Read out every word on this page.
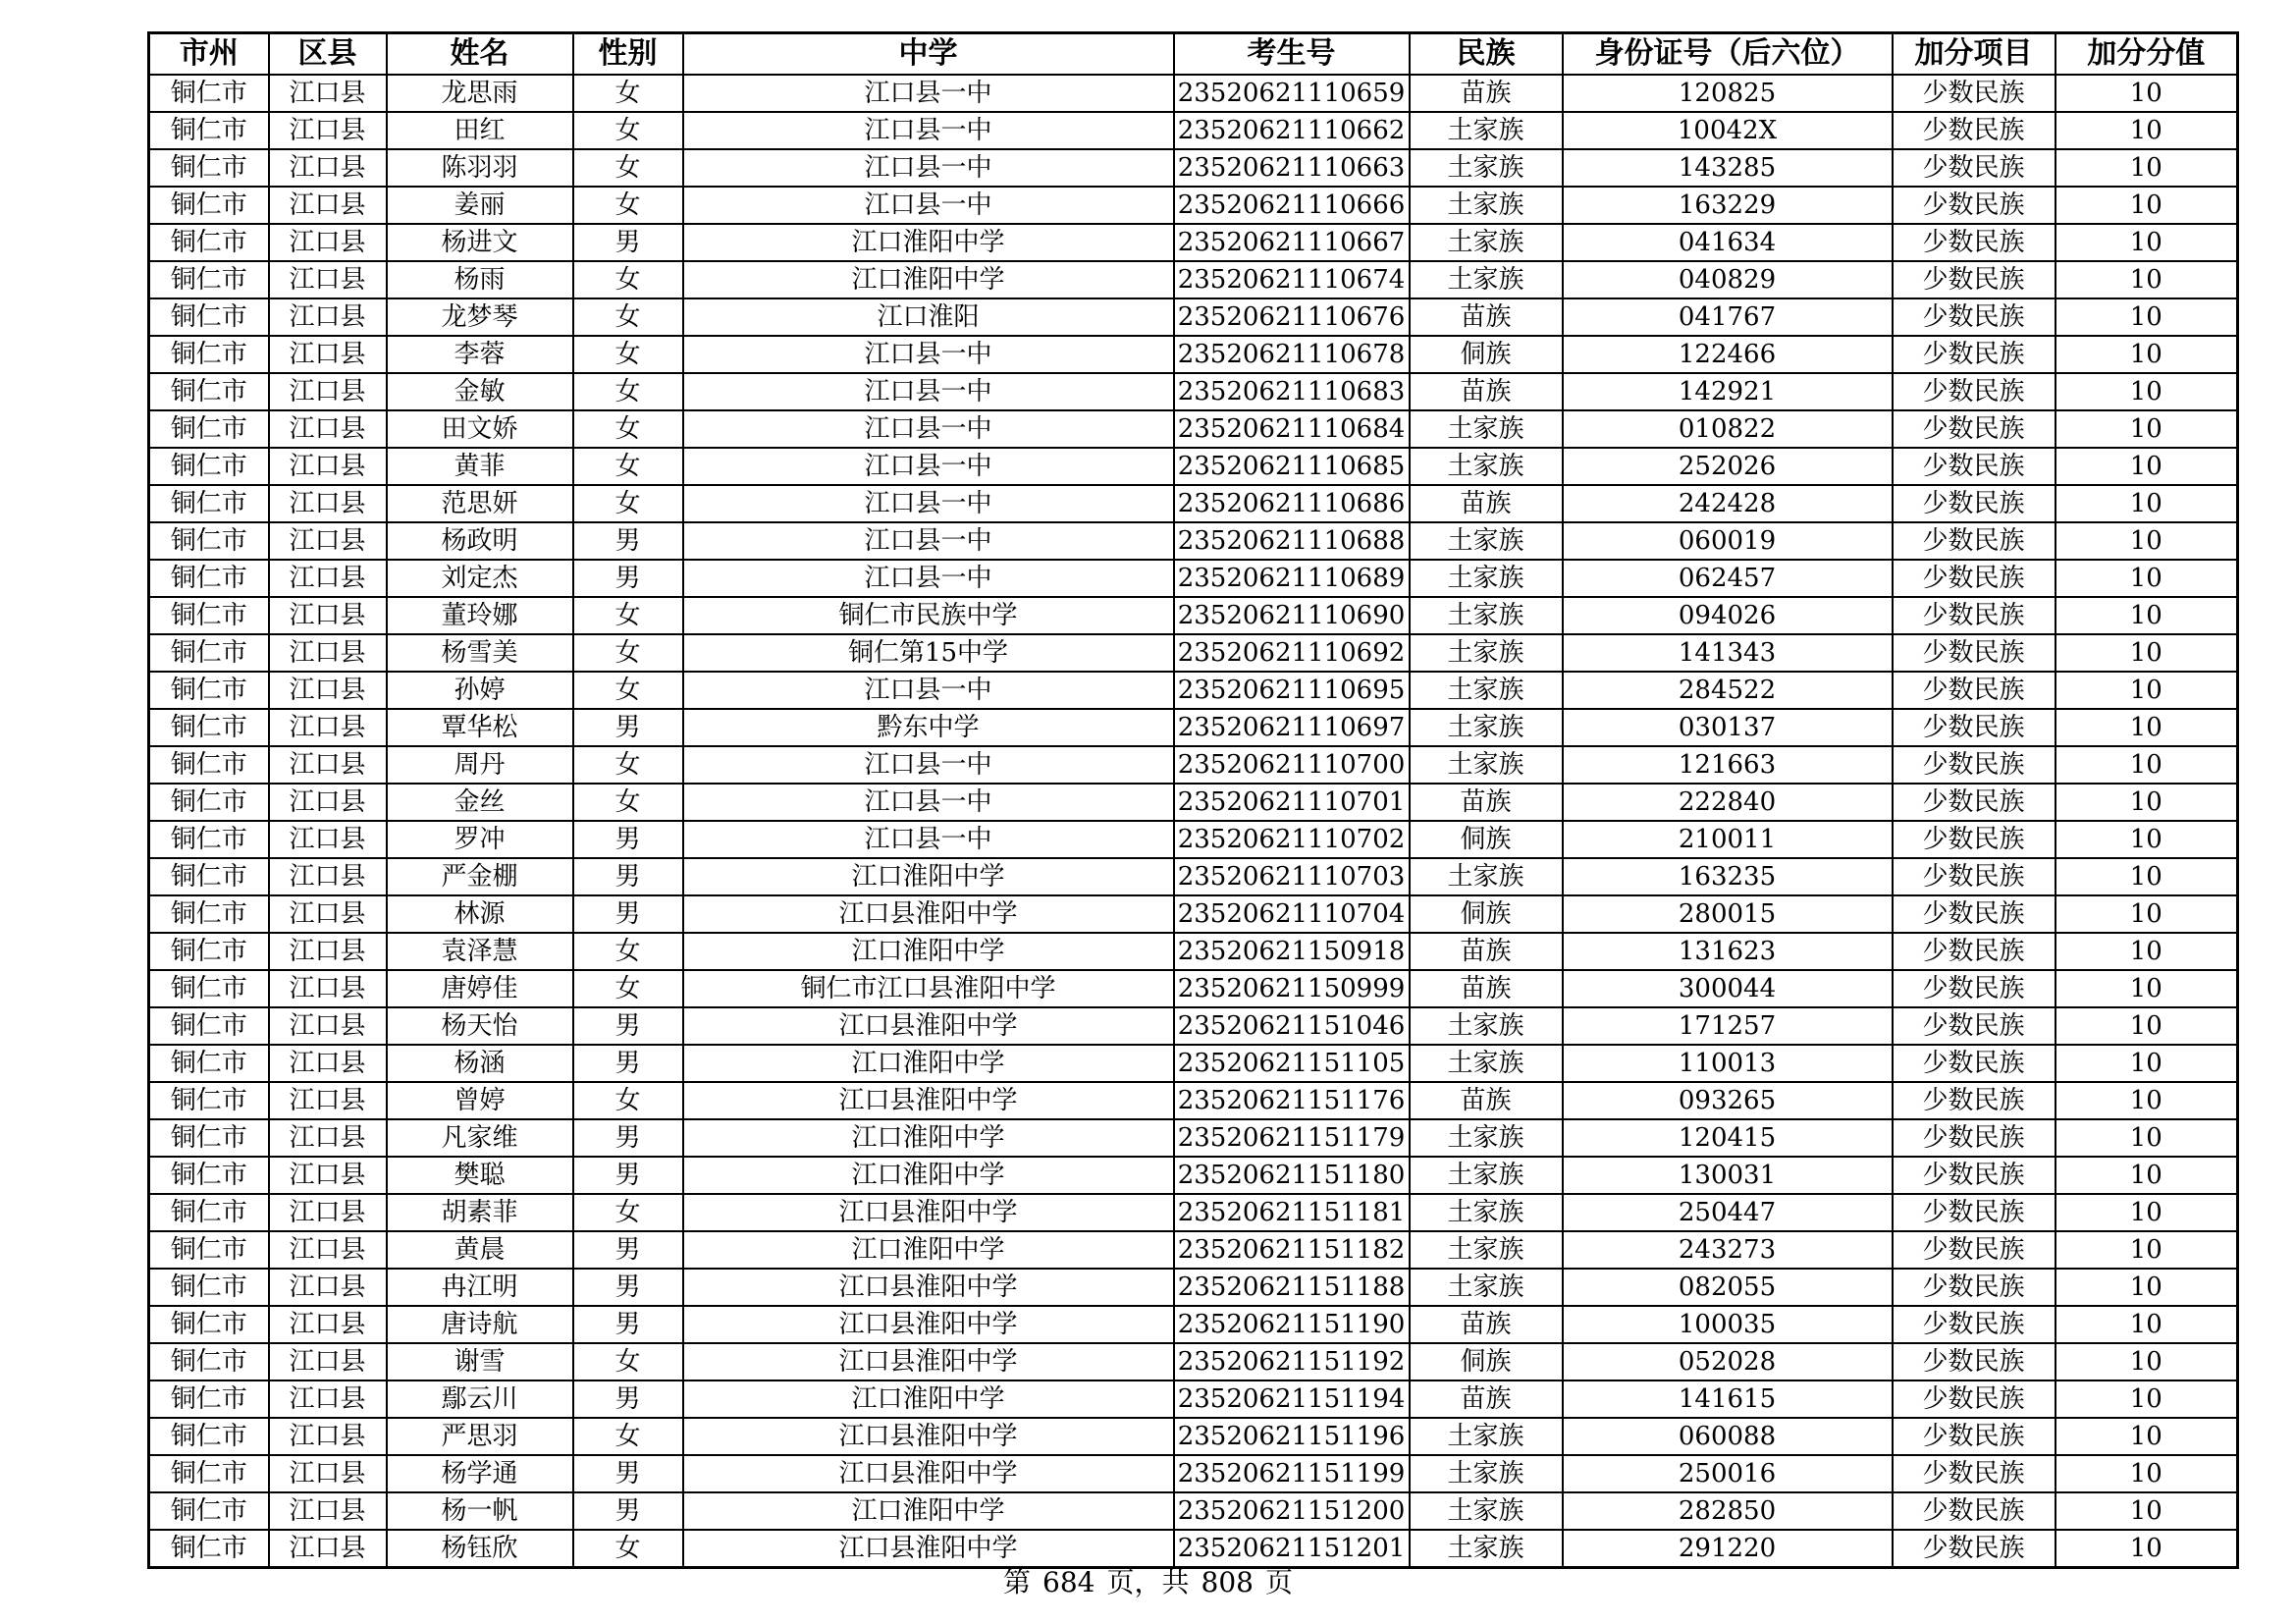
市州	区县	姓名	性别	中学	考生号	民族	身份证号（后六位）	加分项目	加分分值
铜仁市	江口县	龙思雨	女	江口县一中	23520621110659	苗族	120825	少数民族	10
铜仁市	江口县	田红	女	江口县一中	23520621110662	土家族	10042X	少数民族	10
铜仁市	江口县	陈羽羽	女	江口县一中	23520621110663	土家族	143285	少数民族	10
铜仁市	江口县	姜丽	女	江口县一中	23520621110666	土家族	163229	少数民族	10
铜仁市	江口县	杨进文	男	江口淮阳中学	23520621110667	土家族	041634	少数民族	10
铜仁市	江口县	杨雨	女	江口淮阳中学	23520621110674	土家族	040829	少数民族	10
铜仁市	江口县	龙梦琴	女	江口淮阳	23520621110676	苗族	041767	少数民族	10
铜仁市	江口县	李蓉	女	江口县一中	23520621110678	侗族	122466	少数民族	10
铜仁市	江口县	金敏	女	江口县一中	23520621110683	苗族	142921	少数民族	10
铜仁市	江口县	田文娇	女	江口县一中	23520621110684	土家族	010822	少数民族	10
铜仁市	江口县	黄菲	女	江口县一中	23520621110685	土家族	252026	少数民族	10
铜仁市	江口县	范思妍	女	江口县一中	23520621110686	苗族	242428	少数民族	10
铜仁市	江口县	杨政明	男	江口县一中	23520621110688	土家族	060019	少数民族	10
铜仁市	江口县	刘定杰	男	江口县一中	23520621110689	土家族	062457	少数民族	10
铜仁市	江口县	董玲娜	女	铜仁市民族中学	23520621110690	土家族	094026	少数民族	10
铜仁市	江口县	杨雪美	女	铜仁第15中学	23520621110692	土家族	141343	少数民族	10
铜仁市	江口县	孙婷	女	江口县一中	23520621110695	土家族	284522	少数民族	10
铜仁市	江口县	覃华松	男	黔东中学	23520621110697	土家族	030137	少数民族	10
铜仁市	江口县	周丹	女	江口县一中	23520621110700	土家族	121663	少数民族	10
铜仁市	江口县	金丝	女	江口县一中	23520621110701	苗族	222840	少数民族	10
铜仁市	江口县	罗冲	男	江口县一中	23520621110702	侗族	210011	少数民族	10
铜仁市	江口县	严金棚	男	江口淮阳中学	23520621110703	土家族	163235	少数民族	10
铜仁市	江口县	林源	男	江口县淮阳中学	23520621110704	侗族	280015	少数民族	10
铜仁市	江口县	袁泽慧	女	江口淮阳中学	23520621150918	苗族	131623	少数民族	10
铜仁市	江口县	唐婷佳	女	铜仁市江口县淮阳中学	23520621150999	苗族	300044	少数民族	10
铜仁市	江口县	杨天怡	男	江口县淮阳中学	23520621151046	土家族	171257	少数民族	10
铜仁市	江口县	杨涵	男	江口淮阳中学	23520621151105	土家族	110013	少数民族	10
铜仁市	江口县	曾婷	女	江口县淮阳中学	23520621151176	苗族	093265	少数民族	10
铜仁市	江口县	凡家维	男	江口淮阳中学	23520621151179	土家族	120415	少数民族	10
铜仁市	江口县	樊聪	男	江口淮阳中学	23520621151180	土家族	130031	少数民族	10
铜仁市	江口县	胡素菲	女	江口县淮阳中学	23520621151181	土家族	250447	少数民族	10
铜仁市	江口县	黄晨	男	江口淮阳中学	23520621151182	土家族	243273	少数民族	10
铜仁市	江口县	冉江明	男	江口县淮阳中学	23520621151188	土家族	082055	少数民族	10
铜仁市	江口县	唐诗航	男	江口县淮阳中学	23520621151190	苗族	100035	少数民族	10
铜仁市	江口县	谢雪	女	江口县淮阳中学	23520621151192	侗族	052028	少数民族	10
铜仁市	江口县	鄢云川	男	江口淮阳中学	23520621151194	苗族	141615	少数民族	10
铜仁市	江口县	严思羽	女	江口县淮阳中学	23520621151196	土家族	060088	少数民族	10
铜仁市	江口县	杨学通	男	江口县淮阳中学	23520621151199	土家族	250016	少数民族	10
铜仁市	江口县	杨一帆	男	江口淮阳中学	23520621151200	土家族	282850	少数民族	10
铜仁市	江口县	杨钰欣	女	江口县淮阳中学	23520621151201	土家族	291220	少数民族	10
第 684 页，共 808 页
